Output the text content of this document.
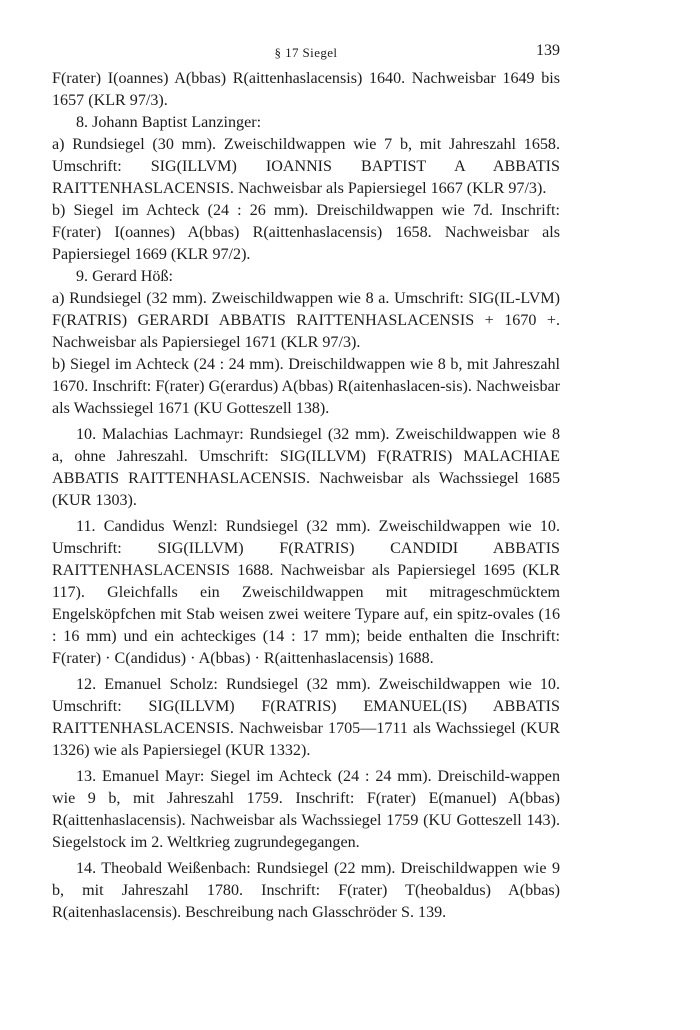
§ 17 Siegel	139

F(rater) I(oannes) A(bbas) R(aittenhaslacensis) 1640. Nachweisbar 1649 bis 1657 (KLR 97/3).

8. Johann Baptist Lanzinger:

a) Rundsiegel (30 mm). Zweischildwappen wie 7 b, mit Jahreszahl 1658. Umschrift: SIG(ILLVM) IOANNIS BAPTIST A ABBATIS RAITTENHASLACENSIS. Nachweisbar als Papiersiegel 1667 (KLR 97/3).

b) Siegel im Achteck (24 : 26 mm). Dreischildwappen wie 7d. Inschrift: F(rater) I(oannes) A(bbas) R(aittenhaslacensis) 1658. Nachweisbar als Papiersiegel 1669 (KLR 97/2).

9. Gerard Höß:

a) Rundsiegel (32 mm). Zweischildwappen wie 8 a. Umschrift: SIG(IL-LVM) F(RATRIS) GERARDI ABBATIS RAITTENHASLACENSIS + 1670 +. Nachweisbar als Papiersiegel 1671 (KLR 97/3).

b) Siegel im Achteck (24 : 24 mm). Dreischildwappen wie 8 b, mit Jahreszahl 1670. Inschrift: F(rater) G(erardus) A(bbas) R(aitenhaslacen-sis). Nachweisbar als Wachssiegel 1671 (KU Gotteszell 138).

10. Malachias Lachmayr: Rundsiegel (32 mm). Zweischildwappen wie 8 a, ohne Jahreszahl. Umschrift: SIG(ILLVM) F(RATRIS) MALACHIAE ABBATIS RAITTENHASLACENSIS. Nachweisbar als Wachssiegel 1685 (KUR 1303).

11. Candidus Wenzl: Rundsiegel (32 mm). Zweischildwappen wie 10. Umschrift: SIG(ILLVM) F(RATRIS) CANDIDI ABBATIS RAITTENHASLACENSIS 1688. Nachweisbar als Papiersiegel 1695 (KLR 117). Gleichfalls ein Zweischildwappen mit mitrageschmücktem Engelsköpfchen mit Stab weisen zwei weitere Typare auf, ein spitz-ovales (16 : 16 mm) und ein achteckiges (14 : 17 mm); beide enthalten die Inschrift: F(rater) · C(andidus) · A(bbas) · R(aittenhaslacensis) 1688.

12. Emanuel Scholz: Rundsiegel (32 mm). Zweischildwappen wie 10. Umschrift: SIG(ILLVM) F(RATRIS) EMANUEL(IS) ABBATIS RAITTENHASLACENSIS. Nachweisbar 1705—1711 als Wachssiegel (KUR 1326) wie als Papiersiegel (KUR 1332).

13. Emanuel Mayr: Siegel im Achteck (24 : 24 mm). Dreischild-wappen wie 9 b, mit Jahreszahl 1759. Inschrift: F(rater) E(manuel) A(bbas) R(aittenhaslacensis). Nachweisbar als Wachssiegel 1759 (KU Gotteszell 143). Siegelstock im 2. Weltkrieg zugrundegegangen.

14. Theobald Weißenbach: Rundsiegel (22 mm). Dreischildwappen wie 9 b, mit Jahreszahl 1780. Inschrift: F(rater) T(heobaldus) A(bbas) R(aitenhaslacensis). Beschreibung nach Glasschröder S. 139.
